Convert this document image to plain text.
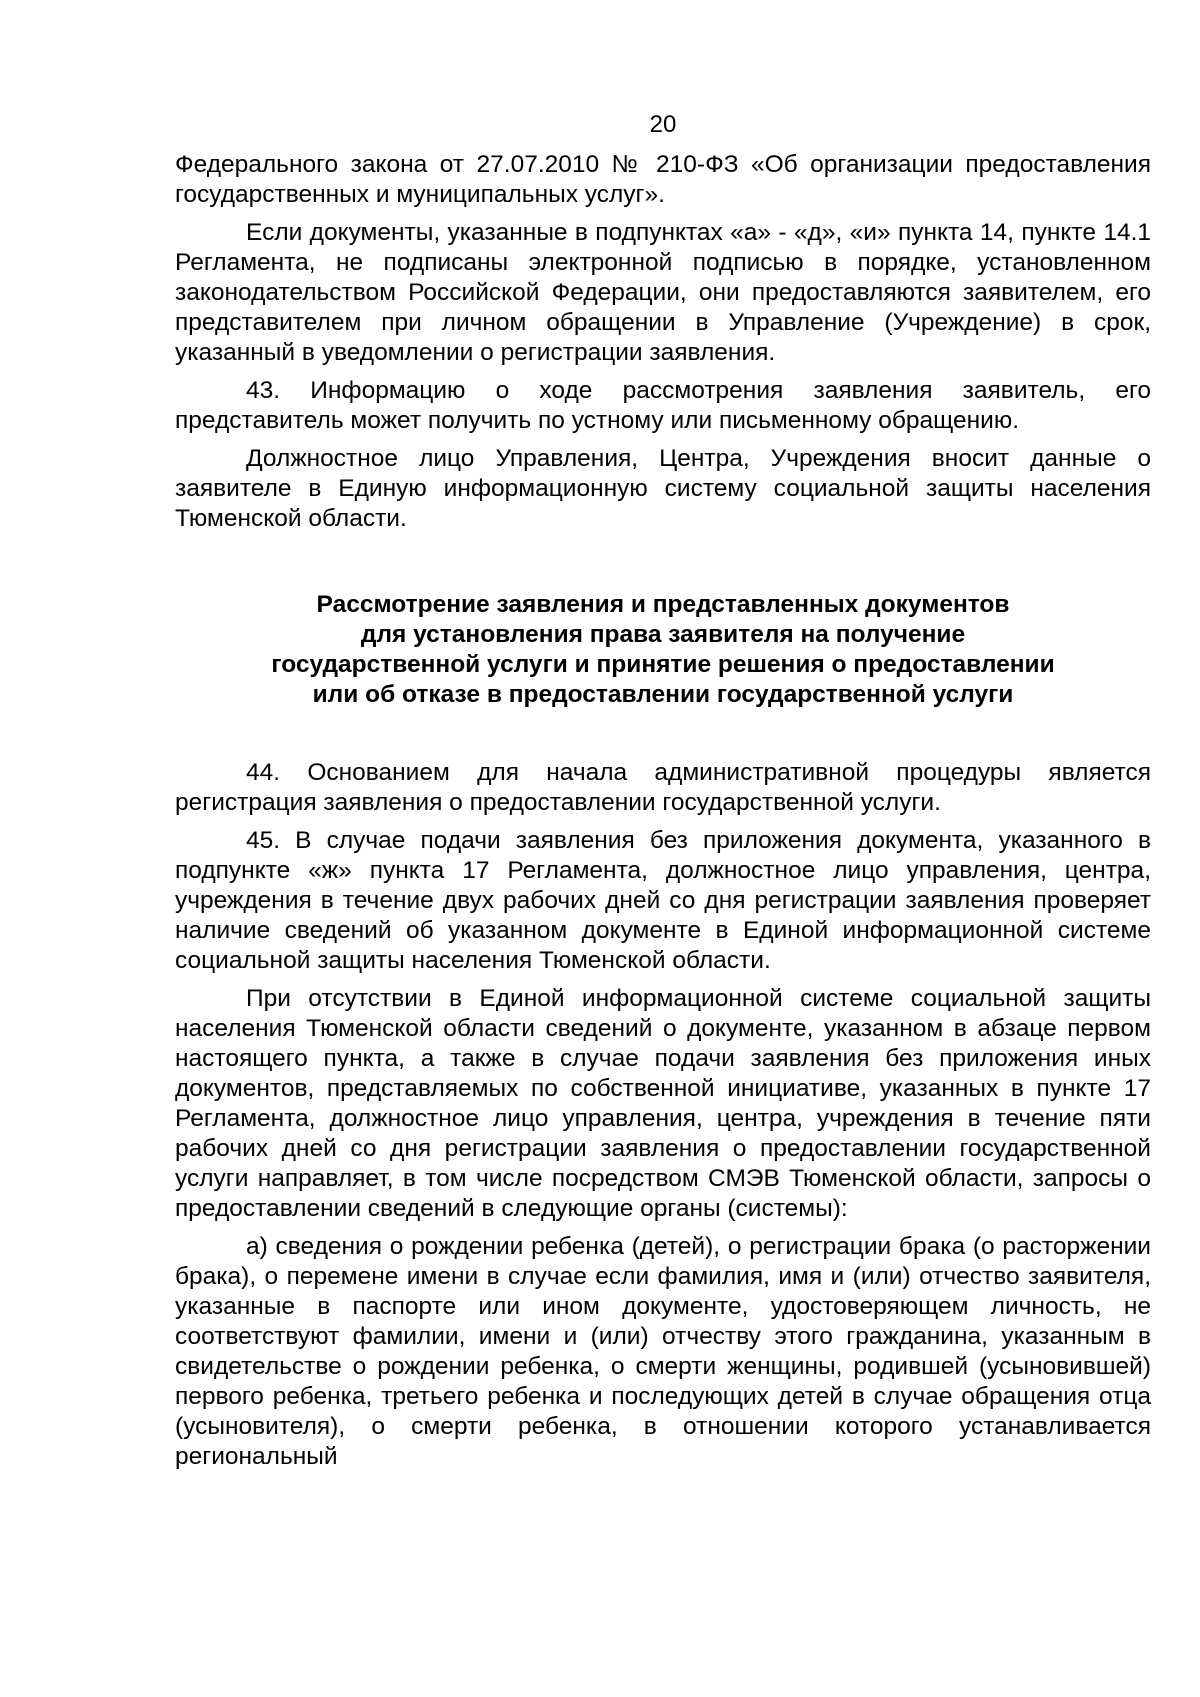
20

Федерального закона от 27.07.2010 № 210-ФЗ «Об организации предоставления государственных и муниципальных услуг».

Если документы, указанные в подпунктах «а» - «д», «и» пункта 14, пункте 14.1 Регламента, не подписаны электронной подписью в порядке, установленном законодательством Российской Федерации, они предоставляются заявителем, его представителем при личном обращении в Управление (Учреждение) в срок, указанный в уведомлении о регистрации заявления.

43. Информацию о ходе рассмотрения заявления заявитель, его представитель может получить по устному или письменному обращению.

Должностное лицо Управления, Центра, Учреждения вносит данные о заявителе в Единую информационную систему социальной защиты населения Тюменской области.

Рассмотрение заявления и представленных документов
для установления права заявителя на получение
государственной услуги и принятие решения о предоставлении
или об отказе в предоставлении государственной услуги

44. Основанием для начала административной процедуры является регистрация заявления о предоставлении государственной услуги.

45. В случае подачи заявления без приложения документа, указанного в подпункте «ж» пункта 17 Регламента, должностное лицо управления, центра, учреждения в течение двух рабочих дней со дня регистрации заявления проверяет наличие сведений об указанном документе в Единой информационной системе социальной защиты населения Тюменской области.

При отсутствии в Единой информационной системе социальной защиты населения Тюменской области сведений о документе, указанном в абзаце первом настоящего пункта, а также в случае подачи заявления без приложения иных документов, представляемых по собственной инициативе, указанных в пункте 17 Регламента, должностное лицо управления, центра, учреждения в течение пяти рабочих дней со дня регистрации заявления о предоставлении государственной услуги направляет, в том числе посредством СМЭВ Тюменской области, запросы о предоставлении сведений в следующие органы (системы):

а) сведения о рождении ребенка (детей), о регистрации брака (о расторжении брака), о перемене имени в случае если фамилия, имя и (или) отчество заявителя, указанные в паспорте или ином документе, удостоверяющем личность, не соответствуют фамилии, имени и (или) отчеству этого гражданина, указанным в свидетельстве о рождении ребенка, о смерти женщины, родившей (усыновившей) первого ребенка, третьего ребенка и последующих детей в случае обращения отца (усыновителя), о смерти ребенка, в отношении которого устанавливается региональный
